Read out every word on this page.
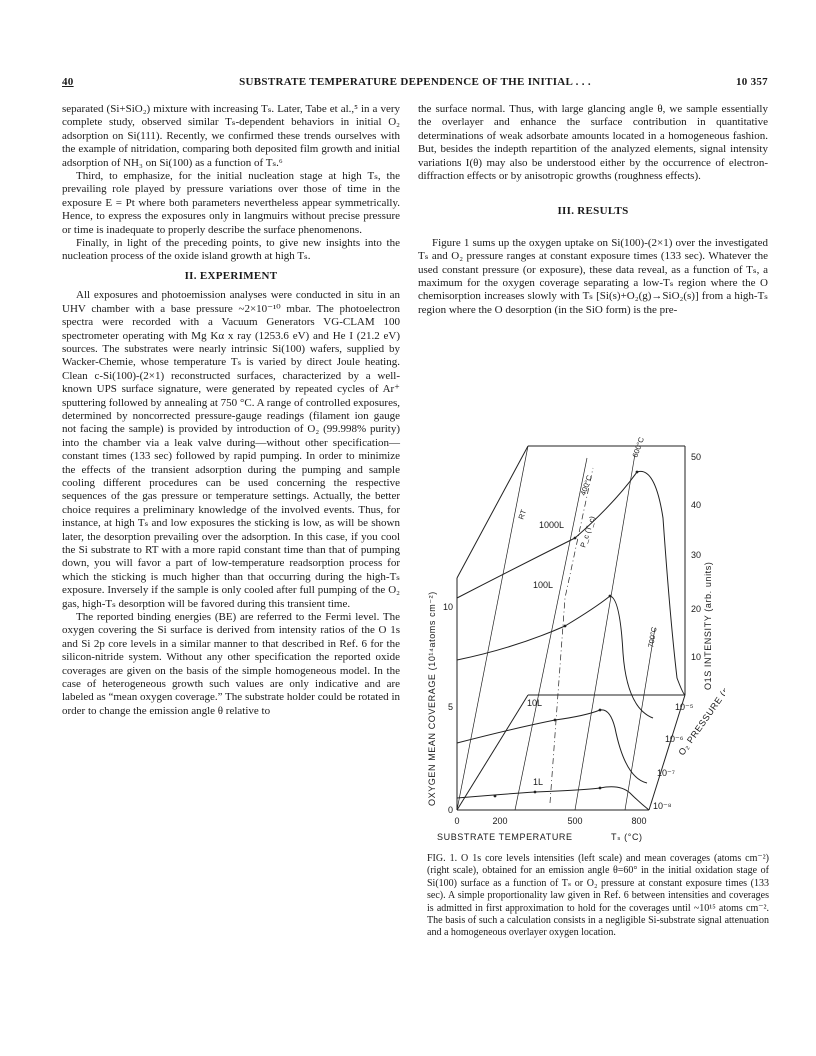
40	SUBSTRATE TEMPERATURE DEPENDENCE OF THE INITIAL . . .	10 357

separated (Si+SiO₂) mixture with increasing Tₛ. Later, Tabe et al.,⁵ in a very complete study, observed similar Tₛ-dependent behaviors in initial O₂ adsorption on Si(111). Recently, we confirmed these trends ourselves with the example of nitridation, comparing both deposited film growth and initial adsorption of NH₃ on Si(100) as a function of Tₛ.⁶

Third, to emphasize, for the initial nucleation stage at high Tₛ, the prevailing role played by pressure variations over those of time in the exposure E = Pt where both parameters nevertheless appear symmetrically. Hence, to express the exposures only in langmuirs without precise pressure or time is inadequate to properly describe the surface phenomenons.

Finally, in light of the preceding points, to give new insights into the nucleation process of the oxide island growth at high Tₛ.

II. EXPERIMENT

All exposures and photoemission analyses were conducted in situ in an UHV chamber with a base pressure ~2×10⁻¹⁰ mbar. The photoelectron spectra were recorded with a Vacuum Generators VG-CLAM 100 spectrometer operating with Mg Kα x ray (1253.6 eV) and He I (21.2 eV) sources. The substrates were nearly intrinsic Si(100) wafers, supplied by Wacker-Chemie, whose temperature Tₛ is varied by direct Joule heating. Clean c-Si(100)-(2×1) reconstructed surfaces, characterized by a well-known UPS surface signature, were generated by repeated cycles of Ar⁺ sputtering followed by annealing at 750 °C. A range of controlled exposures, determined by noncorrected pressure-gauge readings (filament ion gauge not facing the sample) is provided by introduction of O₂ (99.998% purity) into the chamber via a leak valve during—without other specification—constant times (133 sec) followed by rapid pumping. In order to minimize the effects of the transient adsorption during the pumping and sample cooling different procedures can be used concerning the respective sequences of the gas pressure or temperature settings. Actually, the better choice requires a preliminary knowledge of the involved events. Thus, for instance, at high Tₛ and low exposures the sticking is low, as will be shown later, the desorption prevailing over the adsorption. In this case, if you cool the Si substrate to RT with a more rapid constant time than that of pumping down, you will favor a part of low-temperature readsorption process for which the sticking is much higher than that occurring during the high-Tₛ exposure. Inversely if the sample is only cooled after full pumping of the O₂ gas, high-Tₛ desorption will be favored during this transient time.

The reported binding energies (BE) are referred to the Fermi level. The oxygen covering the Si surface is derived from intensity ratios of the O 1s and Si 2p core levels in a similar manner to that described in Ref. 6 for the silicon-nitride system. Without any other specification the reported oxide coverages are given on the basis of the simple homogeneous model. In the case of heterogeneous growth such values are only indicative and are labeled as “mean oxygen coverage.” The substrate holder could be rotated in order to change the emission angle θ relative to

the surface normal. Thus, with large glancing angle θ, we sample essentially the overlayer and enhance the surface contribution in quantitative determinations of weak adsorbate amounts located in a homogeneous fashion. But, besides the indepth repartition of the analyzed elements, signal intensity variations I(θ) may also be understood either by the occurrence of electron-diffraction effects or by anisotropic growths (roughness effects).

III. RESULTS

Figure 1 sums up the oxygen uptake on Si(100)-(2×1) over the investigated Tₛ and O₂ pressure ranges at constant exposure times (133 sec). Whatever the used constant pressure (or exposure), these data reveal, as a function of Tₛ, a maximum for the oxygen coverage separating a low-Tₛ region where the O chemisorption increases slowly with Tₛ [Si(s)+O₂(g)→SiO₂(s)] from a high-Tₛ region where the O desorption (in the SiO form) is the pre-

0
5
10
0	200	500	800
10
20
30
40
50
10⁻⁸
10⁻⁷
10⁻⁶
10⁻⁵
1L
10L
100L
1000L
RT
400°C
600°C
700°C
P_c (T_c)
OXYGEN MEAN COVERAGE (10¹⁴atoms cm⁻²)	O1S INTENSITY (arb. units)
O₂ PRESSURE (mbar)
SUBSTRATE TEMPERATURE	Tₛ (°C)

FIG. 1. O 1s core levels intensities (left scale) and mean coverages (atoms cm⁻²) (right scale), obtained for an emission angle θ=60° in the initial oxidation stage of Si(100) surface as a function of Tₛ or O₂ pressure at constant exposure times (133 sec). A simple proportionality law given in Ref. 6 between intensities and coverages is admitted in first approximation to hold for the coverages until ~10¹⁵ atoms cm⁻². The basis of such a calculation consists in a negligible Si-substrate signal attenuation and a homogeneous overlayer oxygen location.
